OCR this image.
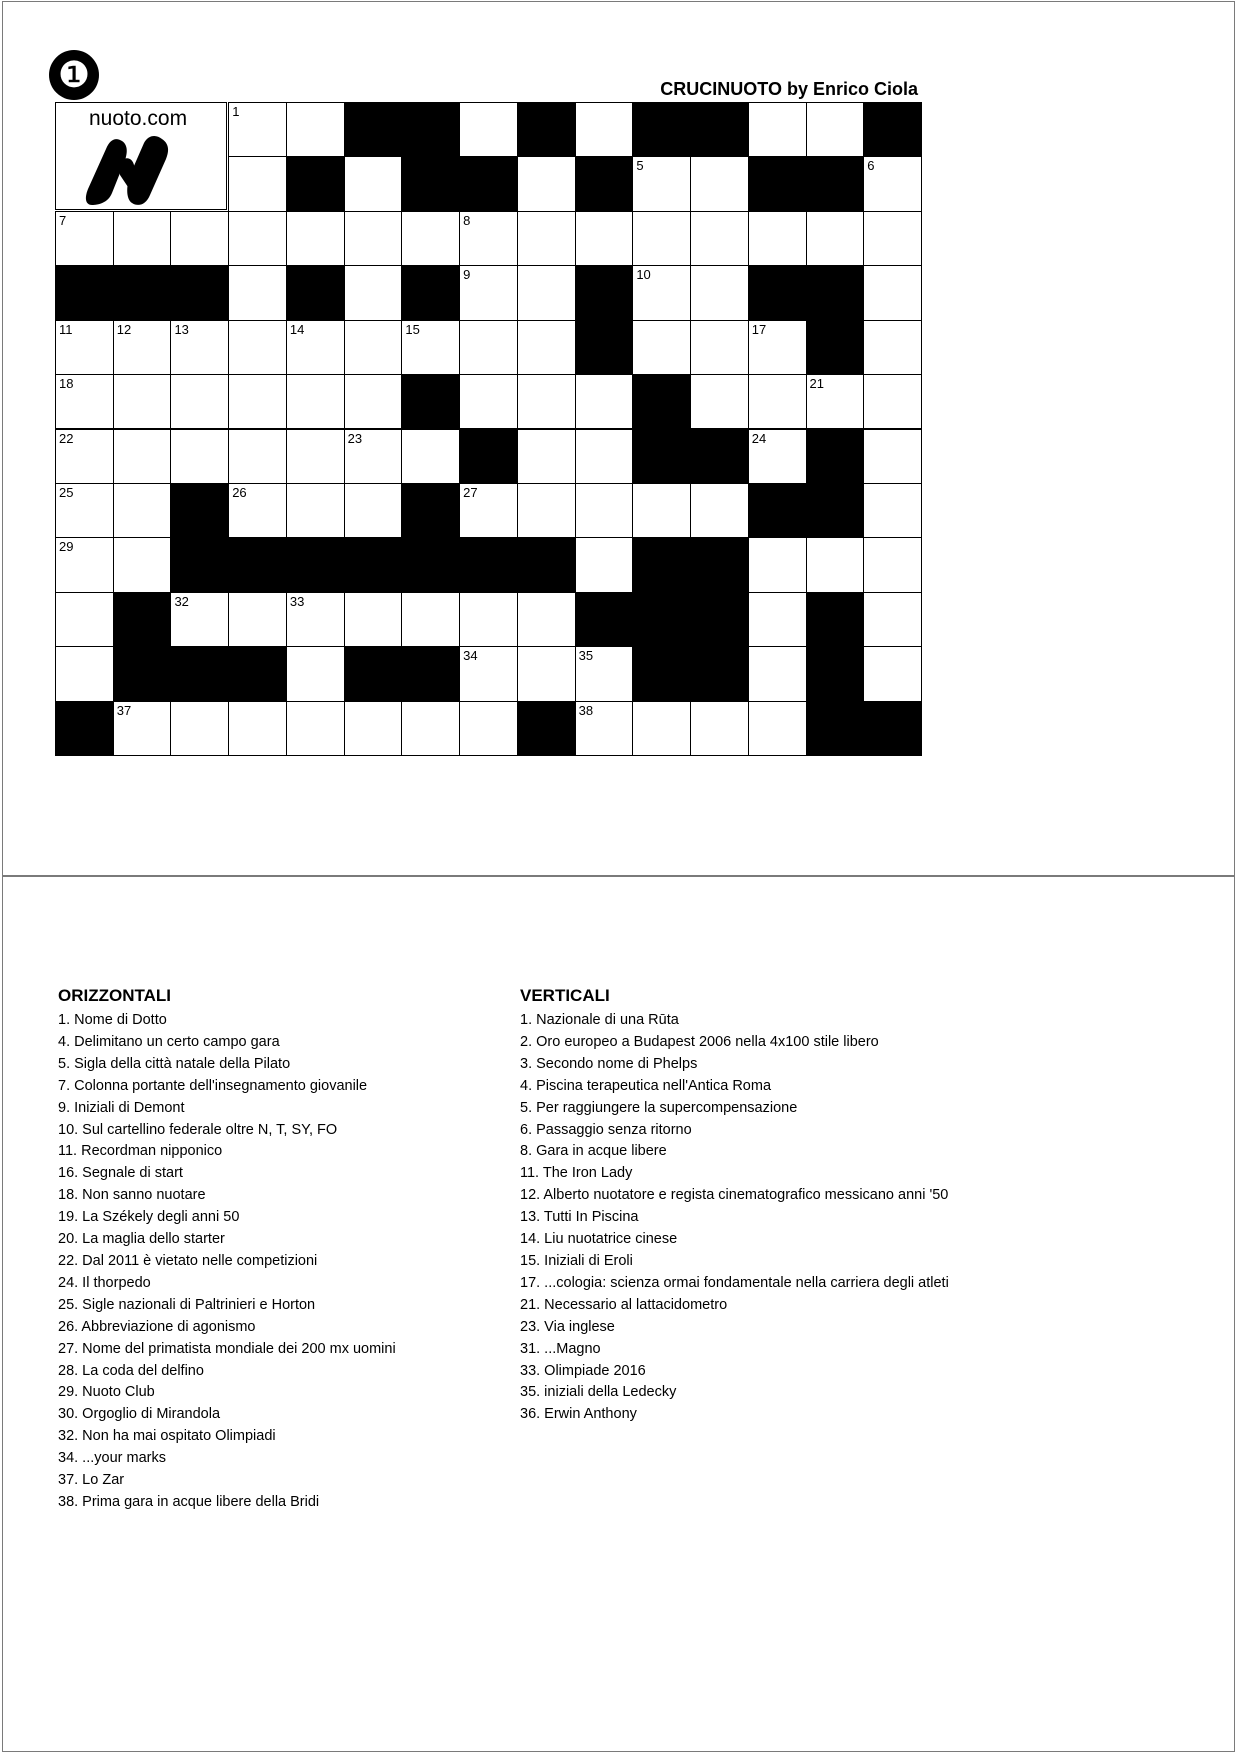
❶	CRUCINUOTO by Enrico Ciola
1
5	6
7	8
9	10
11	12	13	14	15	17
18	21
22	23	24
25	26	27
29
32	33
34	35
37	38
nuoto.com
ORIZZONTALI
1. Nome di Dotto
4. Delimitano un certo campo gara
5. Sigla della città natale della Pilato
7. Colonna portante dell'insegnamento giovanile
9. Iniziali di Demont
10. Sul cartellino federale oltre N, T, SY, FO
11. Recordman nipponico
16. Segnale di start
18. Non sanno nuotare
19. La Székely degli anni 50
20. La maglia dello starter
22. Dal 2011 è vietato nelle competizioni
24. Il thorpedo
25. Sigle nazionali di Paltrinieri e Horton
26. Abbreviazione di agonismo
27. Nome del primatista mondiale dei 200 mx uomini
28. La coda del delfino
29. Nuoto Club
30. Orgoglio di Mirandola
32. Non ha mai ospitato Olimpiadi
34. ...your marks
37. Lo Zar
38. Prima gara in acque libere della Bridi
VERTICALI
1. Nazionale di una Rūta
2. Oro europeo a Budapest 2006 nella 4x100 stile libero
3. Secondo nome di Phelps
4. Piscina terapeutica nell'Antica Roma
5. Per raggiungere la supercompensazione
6. Passaggio senza ritorno
8. Gara in acque libere
11. The Iron Lady
12. Alberto nuotatore e regista cinematografico messicano anni '50
13. Tutti In Piscina
14. Liu nuotatrice cinese
15. Iniziali di Eroli
17. ...cologia: scienza ormai fondamentale nella carriera degli atleti
21. Necessario al lattacidometro
23. Via inglese
31. ...Magno
33. Olimpiade 2016
35. iniziali della Ledecky
36. Erwin Anthony
